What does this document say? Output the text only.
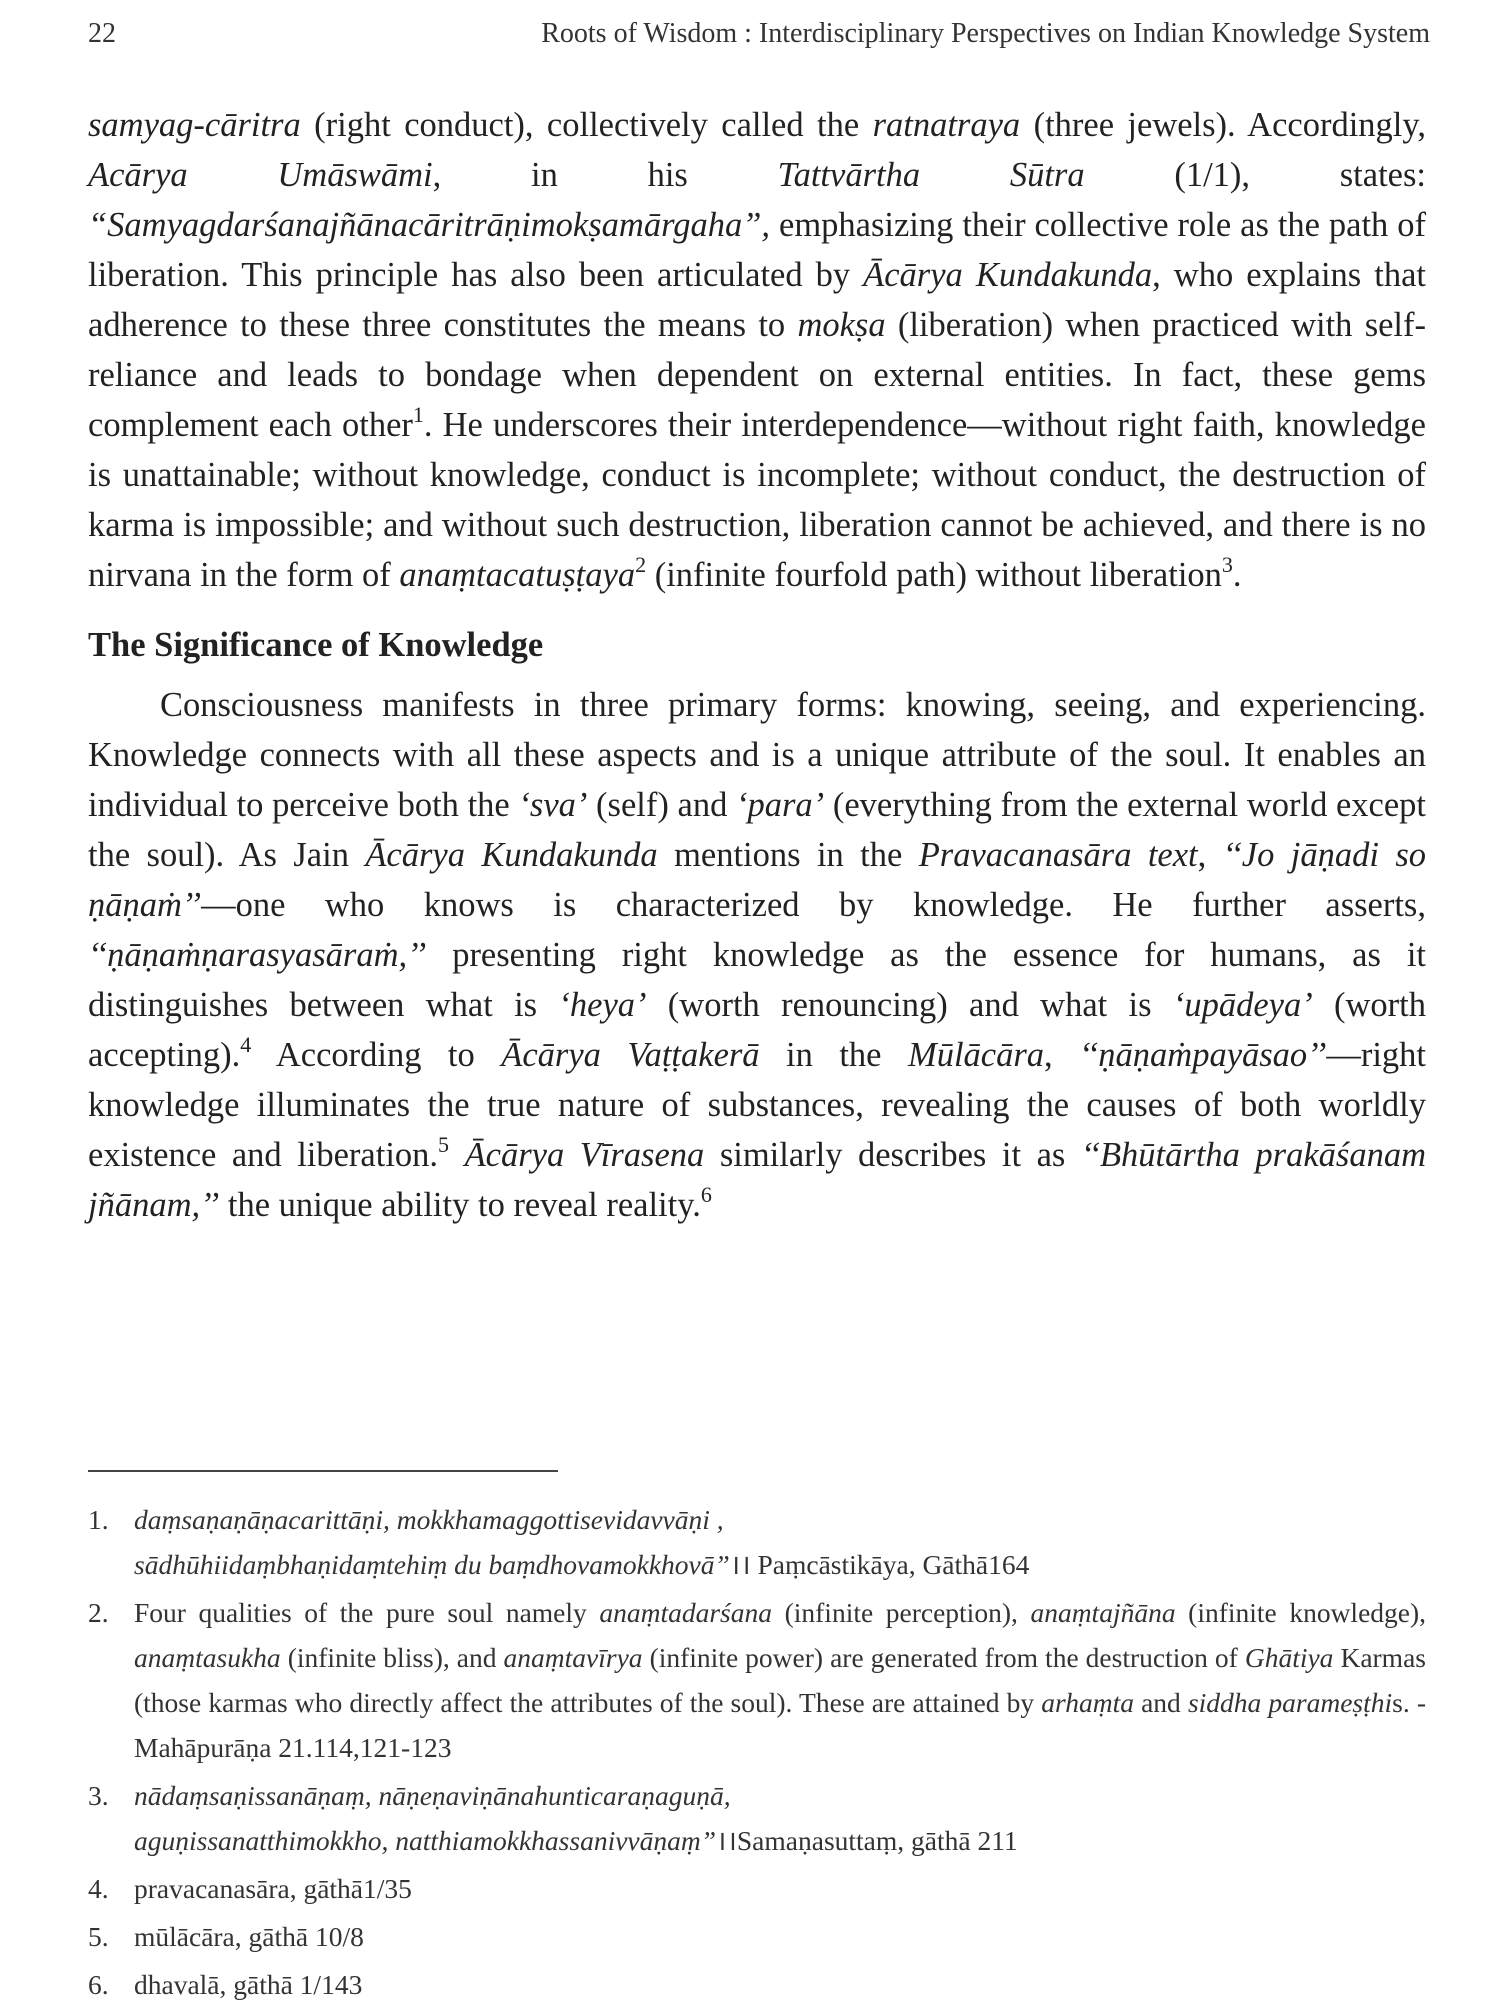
22	Roots of Wisdom : Interdisciplinary Perspectives on Indian Knowledge System

samyag-cāritra (right conduct), collectively called the ratnatraya (three jewels). Accordingly, Acārya Umāswāmi, in his Tattvārtha Sūtra (1/1), states: “Samyagdarśanajñānacāritrāṇimokṣamārgaha”, emphasizing their collective role as the path of liberation. This principle has also been articulated by Ācārya Kundakunda, who explains that adherence to these three constitutes the means to mokṣa (liberation) when practiced with self-reliance and leads to bondage when dependent on external entities. In fact, these gems complement each other$^1$. He underscores their interdependence—without right faith, knowledge is unattainable; without knowledge, conduct is incomplete; without conduct, the destruction of karma is impossible; and without such destruction, liberation cannot be achieved, and there is no nirvana in the form of anaṃtacatuṣṭaya$^2$ (infinite fourfold path) without liberation$^3$.

The Significance of Knowledge

Consciousness manifests in three primary forms: knowing, seeing, and experiencing. Knowledge connects with all these aspects and is a unique attribute of the soul. It enables an individual to perceive both the ‘sva’ (self) and ‘para’ (everything from the external world except the soul). As Jain Ācārya Kundakunda mentions in the Pravacanasāra text, ‘‘Jo jāṇadi so ṇāṇaṁ’’—one who knows is characterized by knowledge. He further asserts, ‘‘ṇāṇaṁṇarasyasāraṁ,’’ presenting right knowledge as the essence for humans, as it distinguishes between what is ‘heya’ (worth renouncing) and what is ‘upādeya’ (worth accepting).$^4$ According to Ācārya Vaṭṭakerā in the Mūlācāra, ‘‘ṇāṇaṁpayāsao’’—right knowledge illuminates the true nature of substances, revealing the causes of both worldly existence and liberation.$^5$ Ācārya Vīrasena similarly describes it as ‘‘Bhūtārtha prakāśanam jñānam,’’ the unique ability to reveal reality.$^6$

1. daṃsaṇaṇāṇacarittāṇi, mokkhamaggottisevidavvāṇi ,
sādhūhiidaṃbhaṇidaṃtehiṃ du baṃdhovamokkhovā”।। Paṃcāstikāya, Gāthā164
2. Four qualities of the pure soul namely anaṃtadarśana (infinite perception), anaṃtajñāna (infinite knowledge), anaṃtasukha (infinite bliss), and anaṃtavīrya (infinite power) are generated from the destruction of Ghātiya Karmas (those karmas who directly affect the attributes of the soul). These are attained by arhaṃta and siddha parameṣṭhis. - Mahāpurāṇa 21.114,121-123
3. nādaṃsaṇissanāṇaṃ, nāṇeṇaviṇānahunticaraṇaguṇā,
aguṇissanatthimokkho, natthiamokkhassanivvāṇaṃ”।।Samaṇasuttaṃ, gāthā 211
4. pravacanasāra, gāthā1/35
5. mūlācāra, gāthā 10/8
6. dhavalā, gāthā 1/143
